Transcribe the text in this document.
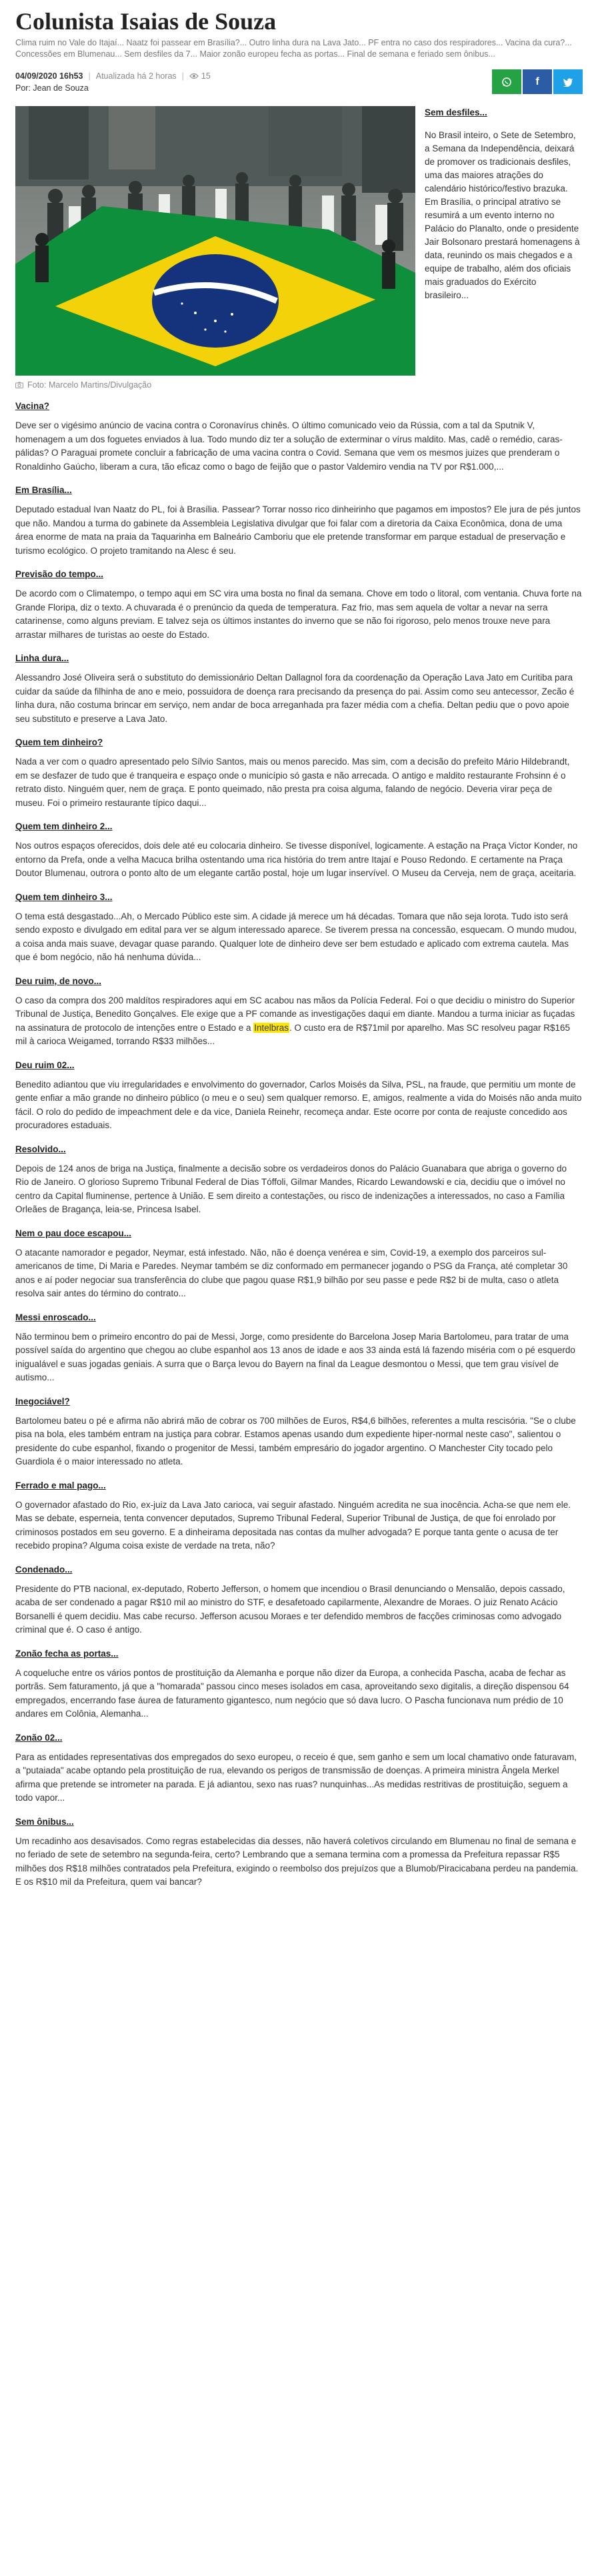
Colunista Isaias de Souza

Clima ruim no Vale do Itajaí... Naatz foi passear em Brasília?... Outro linha dura na Lava Jato... PF entra no caso dos respiradores... Vacina da cura?... Concessões em Blumenau... Sem desfiles da 7... Maior zonão europeu fecha as portas... Final de semana e feriado sem ônibus...

04/09/2020 16h53 | Atualizada há 2 horas | 15
Por: Jean de Souza
f
Foto: Marcelo Martins/Divulgação
Sem desfiles...

No Brasil inteiro, o Sete de Setembro, a Semana da Independência, deixará de promover os tradicionais desfiles, uma das maiores atrações do calendário histórico/festivo brazuka. Em Brasília, o principal atrativo se resumirá a um evento interno no Palácio do Planalto, onde o presidente Jair Bolsonaro prestará homenagens à data, reunindo os mais chegados e a equipe de trabalho, além dos oficiais mais graduados do Exército brasileiro...

Vacina?

Deve ser o vigésimo anúncio de vacina contra o Coronavírus chinês. O último comunicado veio da Rússia, com a tal da Sputnik V, homenagem a um dos foguetes enviados à lua. Todo mundo diz ter a solução de exterminar o vírus maldito. Mas, cadê o remédio, caras-pálidas? O Paraguai promete concluir a fabricação de uma vacina contra o Covid. Semana que vem os mesmos juizes que prenderam o Ronaldinho Gaúcho, liberam a cura, tão eficaz como o bago de feijão que o pastor Valdemiro vendia na TV por R$1.000,...

Em Brasília...

Deputado estadual Ivan Naatz do PL, foi à Brasília. Passear? Torrar nosso rico dinheirinho que pagamos em impostos? Ele jura de pés juntos que não. Mandou a turma do gabinete da Assembleia Legislativa divulgar que foi falar com a diretoria da Caixa Econômica, dona de uma área enorme de mata na praia da Taquarinha em Balneário Camboriu que ele pretende transformar em parque estadual de preservação e turismo ecológico. O projeto tramitando na Alesc é seu.

Previsão do tempo...

De acordo com o Climatempo, o tempo aqui em SC vira uma bosta no final da semana. Chove em todo o litoral, com ventania. Chuva forte na Grande Floripa, diz o texto. A chuvarada é o prenúncio da queda de temperatura. Faz frio, mas sem aquela de voltar a nevar na serra catarinense, como alguns previam. E talvez seja os últimos instantes do inverno que se não foi rigoroso, pelo menos trouxe neve para arrastar milhares de turistas ao oeste do Estado.

Linha dura...

Alessandro José Oliveira será o substituto do demissionário Deltan Dallagnol fora da coordenação da Operação Lava Jato em Curitiba para cuidar da saúde da filhinha de ano e meio, possuidora de doença rara precisando da presença do pai. Assim como seu antecessor, Zecão é linha dura, não costuma brincar em serviço, nem andar de boca arreganhada pra fazer média com a chefia. Deltan pediu que o povo apoie seu substituto e preserve a Lava Jato.

Quem tem dinheiro?

Nada a ver com o quadro apresentado pelo Sílvio Santos, mais ou menos parecido. Mas sim, com a decisão do prefeito Mário Hildebrandt, em se desfazer de tudo que é tranqueira e espaço onde o município só gasta e não arrecada. O antigo e maldito restaurante Frohsinn é o retrato disto. Ninguém quer, nem de graça. E ponto queimado, não presta pra coisa alguma, falando de negócio. Deveria virar peça de museu. Foi o primeiro restaurante típico daqui...

Quem tem dinheiro 2...

Nos outros espaços oferecidos, dois dele até eu colocaria dinheiro. Se tivesse disponível, logicamente. A estação na Praça Victor Konder, no entorno da Prefa, onde a velha Macuca brilha ostentando uma rica história do trem antre Itajaí e Pouso Redondo. E certamente na Praça Doutor Blumenau, outrora o ponto alto de um elegante cartão postal, hoje um lugar inservível. O Museu da Cerveja, nem de graça, aceitaria.

Quem tem dinheiro 3...

O tema está desgastado...Ah, o Mercado Público este sim. A cidade já merece um há décadas. Tomara que não seja lorota. Tudo isto será sendo exposto e divulgado em edital para ver se algum interessado aparece. Se tiverem pressa na concessão, esquecam. O mundo mudou, a coisa anda mais suave, devagar quase parando. Qualquer lote de dinheiro deve ser bem estudado e aplicado com extrema cautela. Mas que é bom negócio, não há nenhuma dúvida...

Deu ruim, de novo...

O caso da compra dos 200 maldítos respiradores aqui em SC acabou nas mãos da Polícia Federal. Foi o que decidiu o ministro do Superior Tribunal de Justiça, Benedito Gonçalves. Ele exige que a PF comande as investigações daqui em diante. Mandou a turma iniciar as fuçadas na assinatura de protocolo de intenções entre o Estado e a Intelbras. O custo era de R$71mil por aparelho. Mas SC resolveu pagar R$165 mil à carioca Weigamed, torrando R$33 milhões...

Deu ruim 02...

Benedito adiantou que viu irregularidades e envolvimento do governador, Carlos Moisés da Silva, PSL, na fraude, que permitiu um monte de gente enfiar a mão grande no dinheiro público (o meu e o seu) sem qualquer remorso. E, amigos, realmente a vida do Moisés não anda muito fácil. O rolo do pedido de impeachment dele e da vice, Daniela Reinehr, recomeça andar. Este ocorre por conta de reajuste concedido aos procuradores estaduais.

Resolvido...

Depois de 124 anos de briga na Justiça, finalmente a decisão sobre os verdadeiros donos do Palácio Guanabara que abriga o governo do Rio de Janeiro. O glorioso Supremo Tribunal Federal de Dias Tóffoli, Gilmar Mandes, Ricardo Lewandowski e cia, decidiu que o imóvel no centro da Capital fluminense, pertence à União. E sem direito a contestações, ou risco de indenizações a interessados, no caso a Família Orleães de Bragança, leia-se, Princesa Isabel.

Nem o pau doce escapou...

O atacante namorador e pegador, Neymar, está infestado. Não, não é doença venérea e sim, Covid-19, a exemplo dos parceiros sul-americanos de time, Di Maria e Paredes. Neymar também se diz conformado em permanecer jogando o PSG da França, até completar 30 anos e aí poder negociar sua transferência do clube que pagou quase R$1,9 bilhão por seu passe e pede R$2 bi de multa, caso o atleta resolva sair antes do término do contrato...

Messi enroscado...

Não terminou bem o primeiro encontro do pai de Messi, Jorge, como presidente do Barcelona Josep Maria Bartolomeu, para tratar de uma possível saída do argentino que chegou ao clube espanhol aos 13 anos de idade e aos 33 ainda está lá fazendo miséria com o pé esquerdo inigualável e suas jogadas geniais. A surra que o Barça levou do Bayern na final da League desmontou o Messi, que tem grau visível de autismo...

Inegociável?

Bartolomeu bateu o pé e afirma não abrirá mão de cobrar os 700 milhões de Euros, R$4,6 bilhões, referentes a multa rescisória. "Se o clube pisa na bola, eles também entram na justiça para cobrar. Estamos apenas usando dum expediente hiper-normal neste caso", salientou o presidente do cube espanhol, fixando o progenitor de Messi, também empresário do jogador argentino. O Manchester City tocado pelo Guardiola é o maior interessado no atleta.

Ferrado e mal pago...

O governador afastado do Rio, ex-juiz da Lava Jato carioca, vai seguir afastado. Ninguém acredita ne sua inocência. Acha-se que nem ele. Mas se debate, esperneia, tenta convencer deputados, Supremo Tribunal Federal, Superior Tribunal de Justiça, de que foi enrolado por criminosos postados em seu governo. E a dinheirama depositada nas contas da mulher advogada? E porque tanta gente o acusa de ter recebido propina? Alguma coisa existe de verdade na treta, não?

Condenado...

Presidente do PTB nacional, ex-deputado, Roberto Jefferson, o homem que incendiou o Brasil denunciando o Mensalão, depois cassado, acaba de ser condenado a pagar R$10 mil ao ministro do STF, e desafetoado capilarmente, Alexandre de Moraes. O juiz Renato Acácio Borsanelli é quem decidiu. Mas cabe recurso. Jefferson acusou Moraes e ter defendido membros de facções criminosas como advogado criminal que é. O caso é antigo.

Zonão fecha as portas...

A coqueluche entre os vários pontos de prostituição da Alemanha e porque não dizer da Europa, a conhecida Pascha, acaba de fechar as portrãs. Sem faturamento, já que a "homarada" passou cinco meses isolados em casa, aproveitando sexo digitalis, a direção dispensou 64 empregados, encerrando fase áurea de faturamento gigantesco, num negócio que só dava lucro. O Pascha funcionava num prédio de 10 andares em Colônia, Alemanha...

Zonão 02...

Para as entidades representativas dos empregados do sexo europeu, o receio é que, sem ganho e sem um local chamativo onde faturavam, a "putaiada" acabe optando pela prostituição de rua, elevando os perigos de transmissão de doenças. A primeira ministra Ângela Merkel afirma que pretende se intrometer na parada. E já adiantou, sexo nas ruas? nunquinhas...As medidas restritivas de prostituição, seguem a todo vapor...

Sem ônibus...

Um recadinho aos desavisados. Como regras estabelecidas dia desses, não haverá coletivos circulando em Blumenau no final de semana e no feriado de sete de setembro na segunda-feira, certo? Lembrando que a semana termina com a promessa da Prefeitura repassar R$5 milhões dos R$18 milhões contratados pela Prefeitura, exigindo o reembolso dos prejuízos que a Blumob/Piracicabana perdeu na pandemia. E os R$10 mil da Prefeitura, quem vai bancar?
